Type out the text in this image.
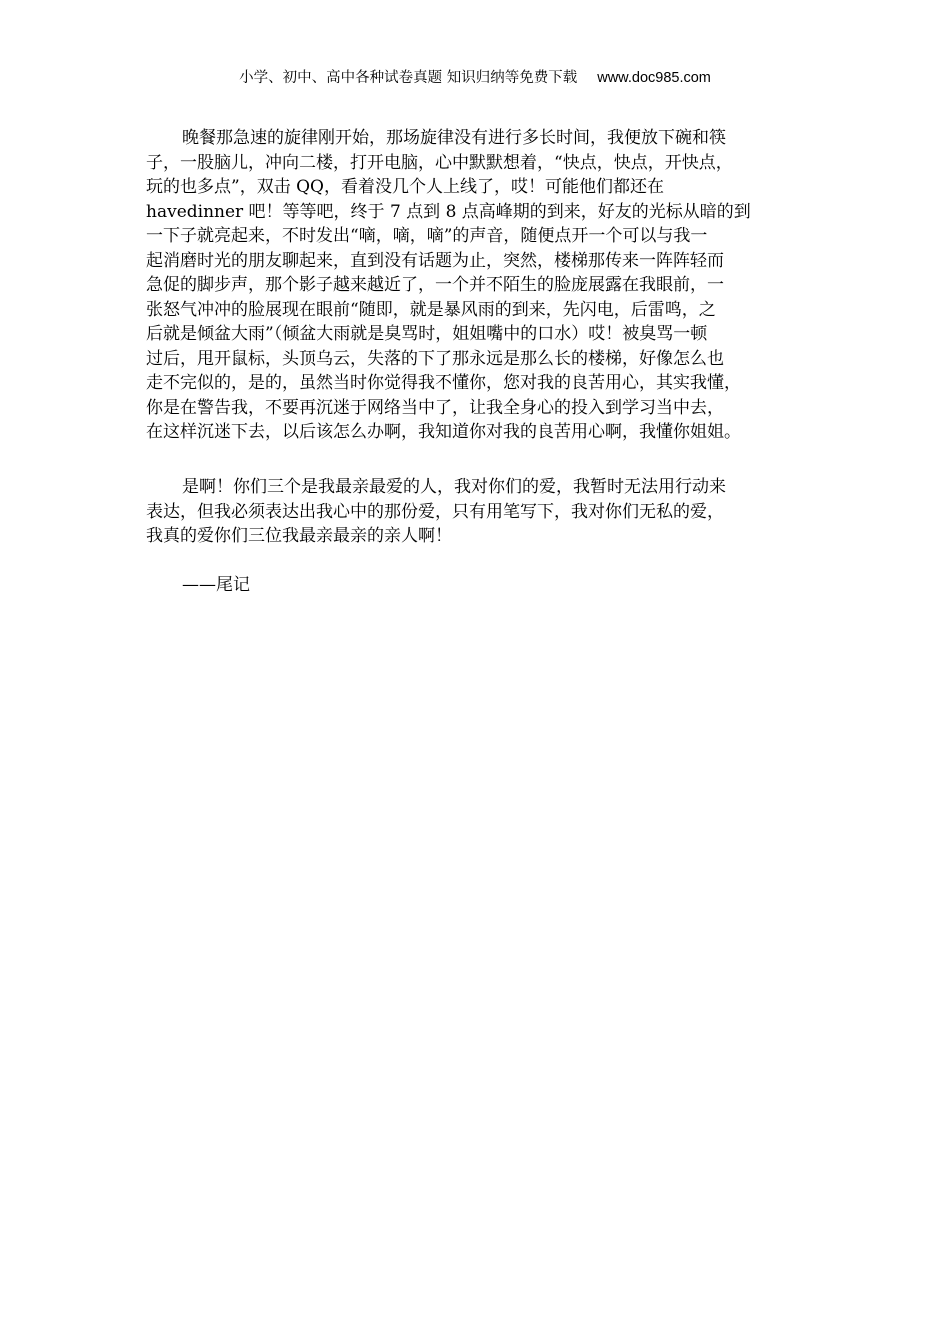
小学、初中、高中各种试卷真题 知识归纳等免费下载 www.doc985.com
晚餐那急速的旋律刚开始，那场旋律没有进行多长时间，我便放下碗和筷
子，一股脑儿，冲向二楼，打开电脑，心中默默想着，“快点，快点，开快点，
玩的也多点”，双击 QQ，看着没几个人上线了，哎！可能他们都还在
havedinner 吧！等等吧，终于 7 点到 8 点高峰期的到来，好友的光标从暗的到
一下子就亮起来，不时发出“嘀，嘀，嘀”的声音，随便点开一个可以与我一
起消磨时光的朋友聊起来，直到没有话题为止，突然，楼梯那传来一阵阵轻而
急促的脚步声，那个影子越来越近了，一个并不陌生的脸庞展露在我眼前，一
张怒气冲冲的脸展现在眼前“随即，就是暴风雨的到来，先闪电，后雷鸣，之
后就是倾盆大雨”（倾盆大雨就是臭骂时，姐姐嘴中的口水）哎！被臭骂一顿
过后，甩开鼠标，头顶乌云，失落的下了那永远是那么长的楼梯，好像怎么也
走不完似的，是的，虽然当时你觉得我不懂你，您对我的良苦用心，其实我懂，
你是在警告我，不要再沉迷于网络当中了，让我全身心的投入到学习当中去，
在这样沉迷下去，以后该怎么办啊，我知道你对我的良苦用心啊，我懂你姐姐。
是啊！你们三个是我最亲最爱的人，我对你们的爱，我暂时无法用行动来
表达，但我必须表达出我心中的那份爱，只有用笔写下，我对你们无私的爱，
我真的爱你们三位我最亲最亲的亲人啊！
——尾记
